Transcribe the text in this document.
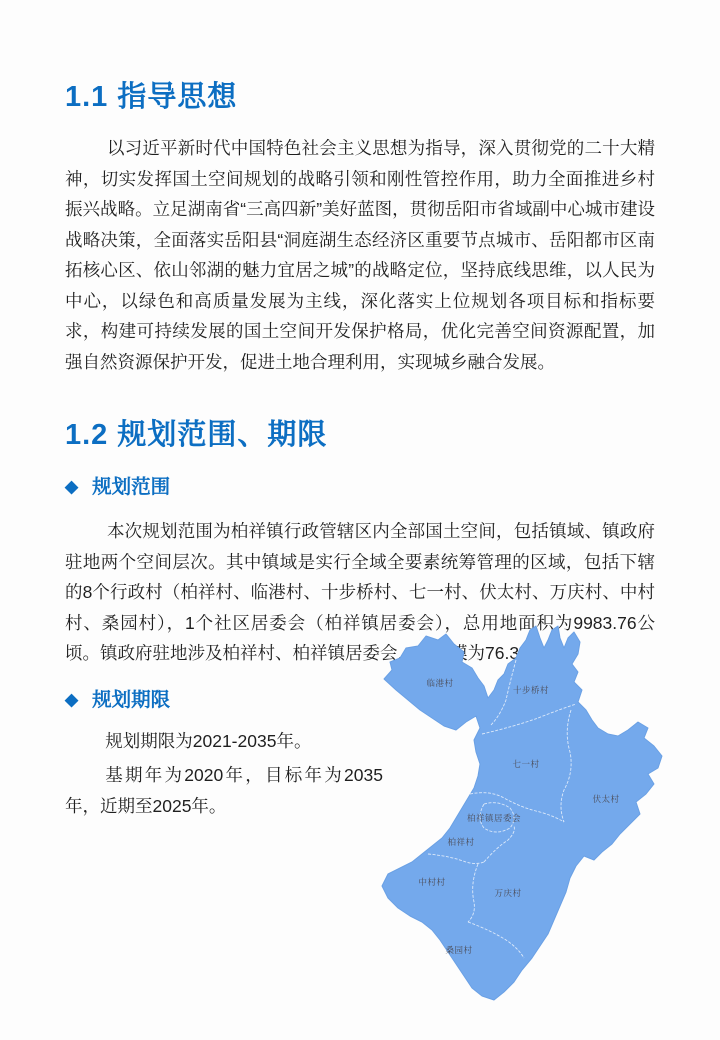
1.1 指导思想

以习近平新时代中国特色社会主义思想为指导，深入贯彻党的二十大精神，切实发挥国土空间规划的战略引领和刚性管控作用，助力全面推进乡村振兴战略。立足湖南省“三高四新”美好蓝图，贯彻岳阳市省域副中心城市建设战略决策，全面落实岳阳县“洞庭湖生态经济区重要节点城市、岳阳都市区南拓核心区、依山邻湖的魅力宜居之城”的战略定位，坚持底线思维，以人民为中心，以绿色和高质量发展为主线，深化落实上位规划各项目标和指标要求，构建可持续发展的国土空间开发保护格局，优化完善空间资源配置，加强自然资源保护开发，促进土地合理利用，实现城乡融合发展。

1.2 规划范围、期限
◆ 规划范围

本次规划范围为柏祥镇行政管辖区内全部国土空间，包括镇域、镇政府驻地两个空间层次。其中镇域是实行全域全要素统筹管理的区域，包括下辖的8个行政村（柏祥村、临港村、十步桥村、七一村、伏太村、万庆村、中村村、桑园村），1个社区居委会（柏祥镇居委会），总用地面积为9983.76公顷。镇政府驻地涉及柏祥村、柏祥镇居委会，总规模为76.38公顷。

◆ 规划期限

规划期限为2021-2035年。

基期年为2020年，目标年为2035年，近期至2025年。

临港村
十步桥村
七一村
伏太村
柏祥镇居委会
柏祥村
中村村
万庆村
桑园村
